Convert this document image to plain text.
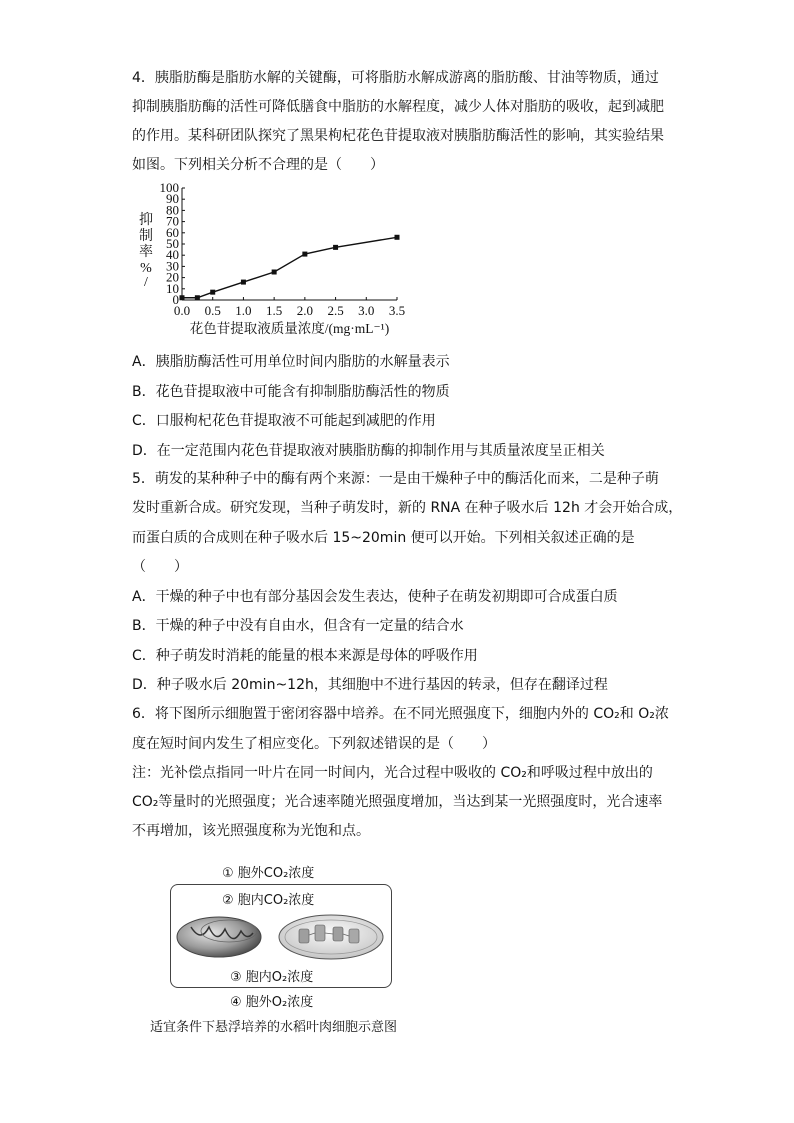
4．胰脂肪酶是脂肪水解的关键酶，可将脂肪水解成游离的脂肪酸、甘油等物质，通过
抑制胰脂肪酶的活性可降低膳食中脂肪的水解程度，减少人体对脂肪的吸收，起到减肥
的作用。某科研团队探究了黑果枸杞花色苷提取液对胰脂肪酶活性的影响，其实验结果
如图。下列相关分析不合理的是（　　）
0
10
20
30
40
50
60
70
80
90
100
0.0 0.5 1.0 1.5 2.0 2.5 3.0 3.5
花色苷提取液质量浓度/(mg·mL⁻¹)
抑
制
率
%
/
A．胰脂肪酶活性可用单位时间内脂肪的水解量表示
B．花色苷提取液中可能含有抑制脂肪酶活性的物质
C．口服枸杞花色苷提取液不可能起到减肥的作用
D．在一定范围内花色苷提取液对胰脂肪酶的抑制作用与其质量浓度呈正相关
5．萌发的某种种子中的酶有两个来源：一是由干燥种子中的酶活化而来，二是种子萌
发时重新合成。研究发现，当种子萌发时，新的 RNA 在种子吸水后 12h 才会开始合成，
而蛋白质的合成则在种子吸水后 15~20min 便可以开始。下列相关叙述正确的是
（　　）
A．干燥的种子中也有部分基因会发生表达，使种子在萌发初期即可合成蛋白质
B．干燥的种子中没有自由水，但含有一定量的结合水
C．种子萌发时消耗的能量的根本来源是母体的呼吸作用
D．种子吸水后 20min~12h，其细胞中不进行基因的转录，但存在翻译过程
6．将下图所示细胞置于密闭容器中培养。在不同光照强度下，细胞内外的 CO₂和 O₂浓
度在短时间内发生了相应变化。下列叙述错误的是（　　）
注：光补偿点指同一叶片在同一时间内，光合过程中吸收的 CO₂和呼吸过程中放出的
CO₂等量时的光照强度；光合速率随光照强度增加，当达到某一光照强度时，光合速率
不再增加，该光照强度称为光饱和点。
① 胞外CO₂浓度
② 胞内CO₂浓度
③ 胞内O₂浓度
④ 胞外O₂浓度
适宜条件下悬浮培养的水稻叶肉细胞示意图
